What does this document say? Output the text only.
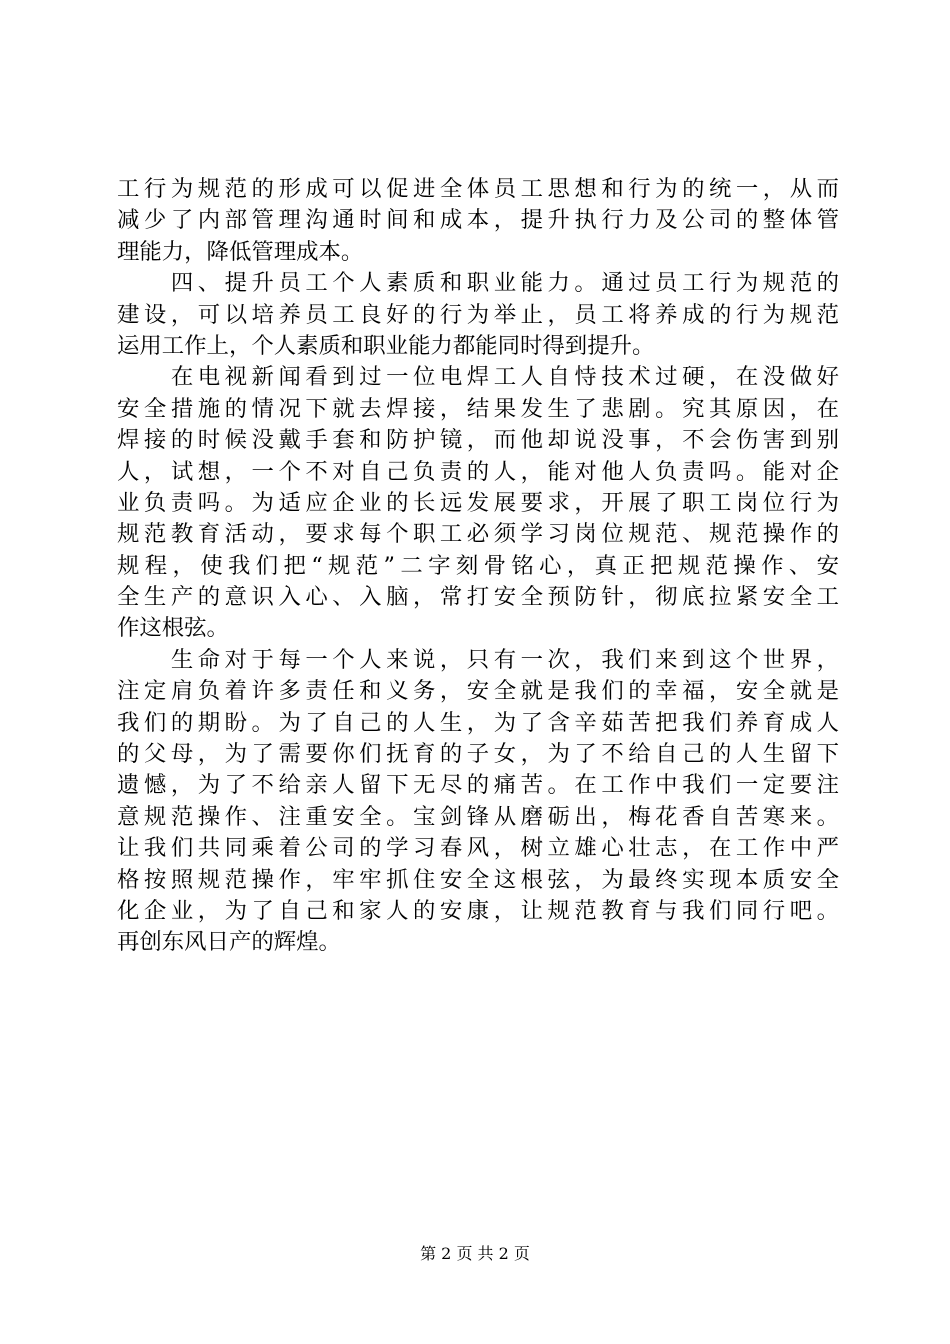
工行为规范的形成可以促进全体员工思想和行为的统一，从而
减少了内部管理沟通时间和成本，提升执行力及公司的整体管
理能力，降低管理成本。
　　四、提升员工个人素质和职业能力。通过员工行为规范的
建设，可以培养员工良好的行为举止，员工将养成的行为规范
运用工作上，个人素质和职业能力都能同时得到提升。
　　在电视新闻看到过一位电焊工人自恃技术过硬，在没做好
安全措施的情况下就去焊接，结果发生了悲剧。究其原因，在
焊接的时候没戴手套和防护镜，而他却说没事，不会伤害到别
人，试想，一个不对自己负责的人，能对他人负责吗。能对企
业负责吗。为适应企业的长远发展要求，开展了职工岗位行为
规范教育活动，要求每个职工必须学习岗位规范、规范操作的
规程，使我们把“规范”二字刻骨铭心，真正把规范操作、安
全生产的意识入心、入脑，常打安全预防针，彻底拉紧安全工
作这根弦。
　　生命对于每一个人来说，只有一次，我们来到这个世界，
注定肩负着许多责任和义务，安全就是我们的幸福，安全就是
我们的期盼。为了自己的人生，为了含辛茹苦把我们养育成人
的父母，为了需要你们抚育的子女，为了不给自己的人生留下
遗憾，为了不给亲人留下无尽的痛苦。在工作中我们一定要注
意规范操作、注重安全。宝剑锋从磨砺出，梅花香自苦寒来。
让我们共同乘着公司的学习春风，树立雄心壮志，在工作中严
格按照规范操作，牢牢抓住安全这根弦，为最终实现本质安全
化企业，为了自己和家人的安康，让规范教育与我们同行吧。
再创东风日产的辉煌。
第 2 页 共 2 页
